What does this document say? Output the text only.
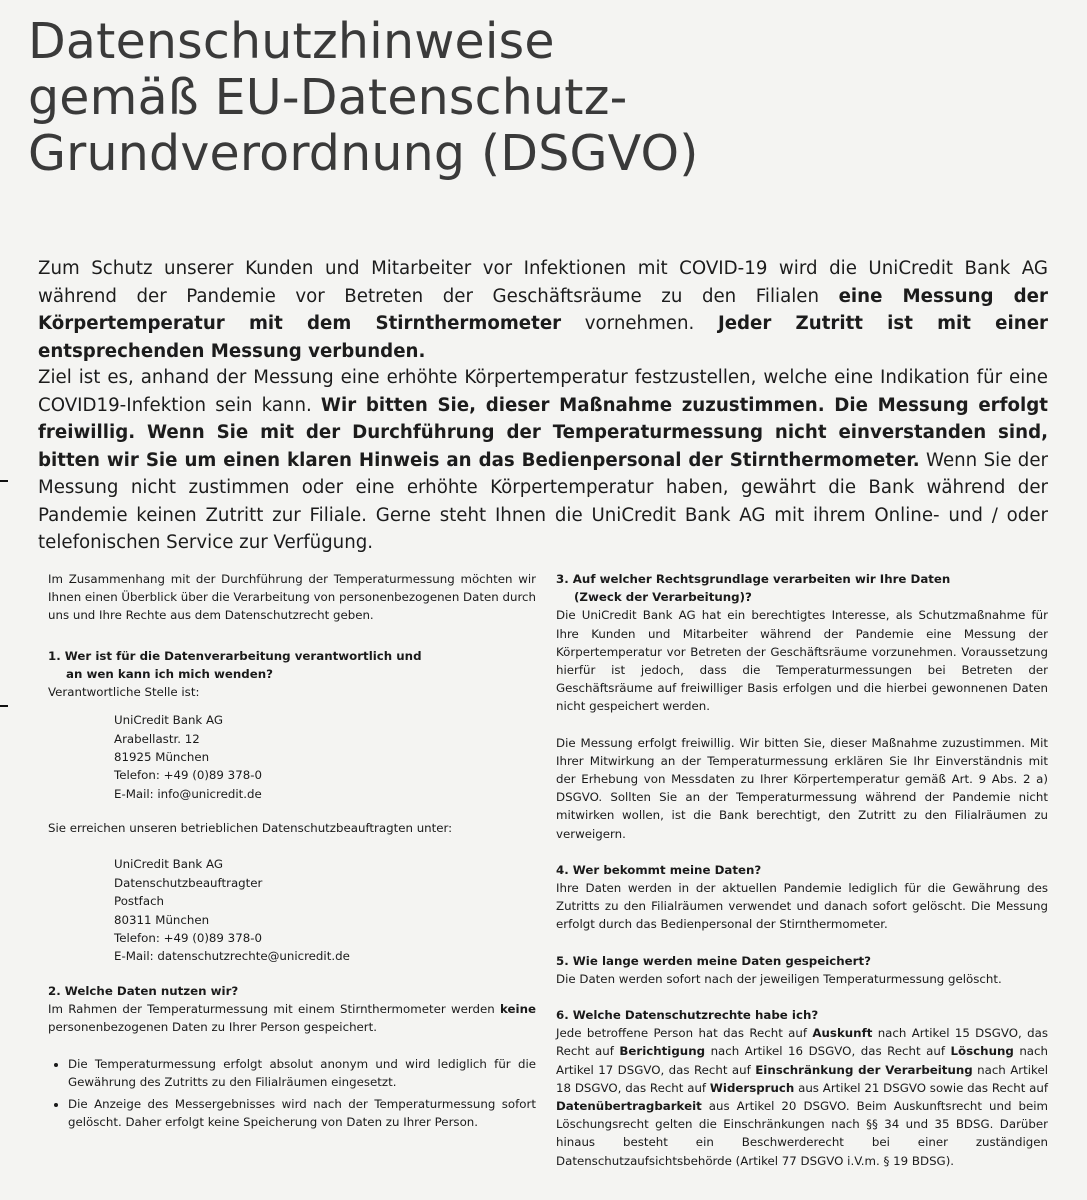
Datenschutzhinweise
gemäß EU-Datenschutz-
Grundverordnung (DSGVO)

Zum Schutz unserer Kunden und Mitarbeiter vor Infektionen mit COVID-19 wird die UniCredit Bank AG während der Pandemie vor Betreten der Geschäftsräume zu den Filialen eine Messung der Körpertemperatur mit dem Stirnthermometer vornehmen. Jeder Zutritt ist mit einer entsprechenden Messung verbunden.

Ziel ist es, anhand der Messung eine erhöhte Körpertemperatur festzustellen, welche eine Indikation für eine COVID19-Infektion sein kann. Wir bitten Sie, dieser Maßnahme zuzustimmen. Die Messung erfolgt freiwillig. Wenn Sie mit der Durchführung der Temperaturmessung nicht einverstanden sind, bitten wir Sie um einen klaren Hinweis an das Bedienpersonal der Stirnthermometer. Wenn Sie der Messung nicht zustimmen oder eine erhöhte Körpertemperatur haben, gewährt die Bank während der Pandemie keinen Zutritt zur Filiale. Gerne steht Ihnen die UniCredit Bank AG mit ihrem Online- und / oder telefonischen Service zur Verfügung.

Im Zusammenhang mit der Durchführung der Temperaturmessung möchten wir Ihnen einen Überblick über die Verarbeitung von personenbezogenen Daten durch uns und Ihre Rechte aus dem Datenschutzrecht geben.

1. Wer ist für die Datenverarbeitung verantwortlich und
an wen kann ich mich wenden?
Verantwortliche Stelle ist:
UniCredit Bank AG
Arabellastr. 12
81925 München
Telefon: +49 (0)89 378-0
E-Mail: info@unicredit.de
Sie erreichen unseren betrieblichen Datenschutzbeauftragten unter:
UniCredit Bank AG
Datenschutzbeauftragter
Postfach
80311 München
Telefon: +49 (0)89 378-0
E-Mail: datenschutzrechte@unicredit.de
2. Welche Daten nutzen wir?

Im Rahmen der Temperaturmessung mit einem Stirnthermometer werden keine personenbezogenen Daten zu Ihrer Person gespeichert.

• Die Temperaturmessung erfolgt absolut anonym und wird lediglich für die Gewährung des Zutritts zu den Filialräumen eingesetzt.
• Die Anzeige des Messergebnisses wird nach der Temperaturmessung sofort gelöscht. Daher erfolgt keine Speicherung von Daten zu Ihrer Person.
3. Auf welcher Rechtsgrundlage verarbeiten wir Ihre Daten
(Zweck der Verarbeitung)?

Die UniCredit Bank AG hat ein berechtigtes Interesse, als Schutzmaßnahme für Ihre Kunden und Mitarbeiter während der Pandemie eine Messung der Körpertemperatur vor Betreten der Geschäftsräume vorzunehmen. Voraussetzung hierfür ist jedoch, dass die Temperaturmessungen bei Betreten der Geschäftsräume auf freiwilliger Basis erfolgen und die hierbei gewonnenen Daten nicht gespeichert werden.

Die Messung erfolgt freiwillig. Wir bitten Sie, dieser Maßnahme zuzustimmen. Mit Ihrer Mitwirkung an der Temperaturmessung erklären Sie Ihr Einverständnis mit der Erhebung von Messdaten zu Ihrer Körpertemperatur gemäß Art. 9 Abs. 2 a) DSGVO. Sollten Sie an der Temperaturmessung während der Pandemie nicht mitwirken wollen, ist die Bank berechtigt, den Zutritt zu den Filialräumen zu verweigern.

4. Wer bekommt meine Daten?

Ihre Daten werden in der aktuellen Pandemie lediglich für die Gewährung des Zutritts zu den Filialräumen verwendet und danach sofort gelöscht. Die Messung erfolgt durch das Bedienpersonal der Stirnthermometer.

5. Wie lange werden meine Daten gespeichert?

Die Daten werden sofort nach der jeweiligen Temperaturmessung gelöscht.

6. Welche Datenschutzrechte habe ich?

Jede betroffene Person hat das Recht auf Auskunft nach Artikel 15 DSGVO, das Recht auf Berichtigung nach Artikel 16 DSGVO, das Recht auf Löschung nach Artikel 17 DSGVO, das Recht auf Einschränkung der Verarbeitung nach Artikel 18 DSGVO, das Recht auf Widerspruch aus Artikel 21 DSGVO sowie das Recht auf Datenübertragbarkeit aus Artikel 20 DSGVO. Beim Auskunftsrecht und beim Löschungsrecht gelten die Einschränkungen nach §§ 34 und 35 BDSG. Darüber hinaus besteht ein Beschwerderecht bei einer zuständigen Datenschutzaufsichtsbehörde (Artikel 77 DSGVO i.V.m. § 19 BDSG).
